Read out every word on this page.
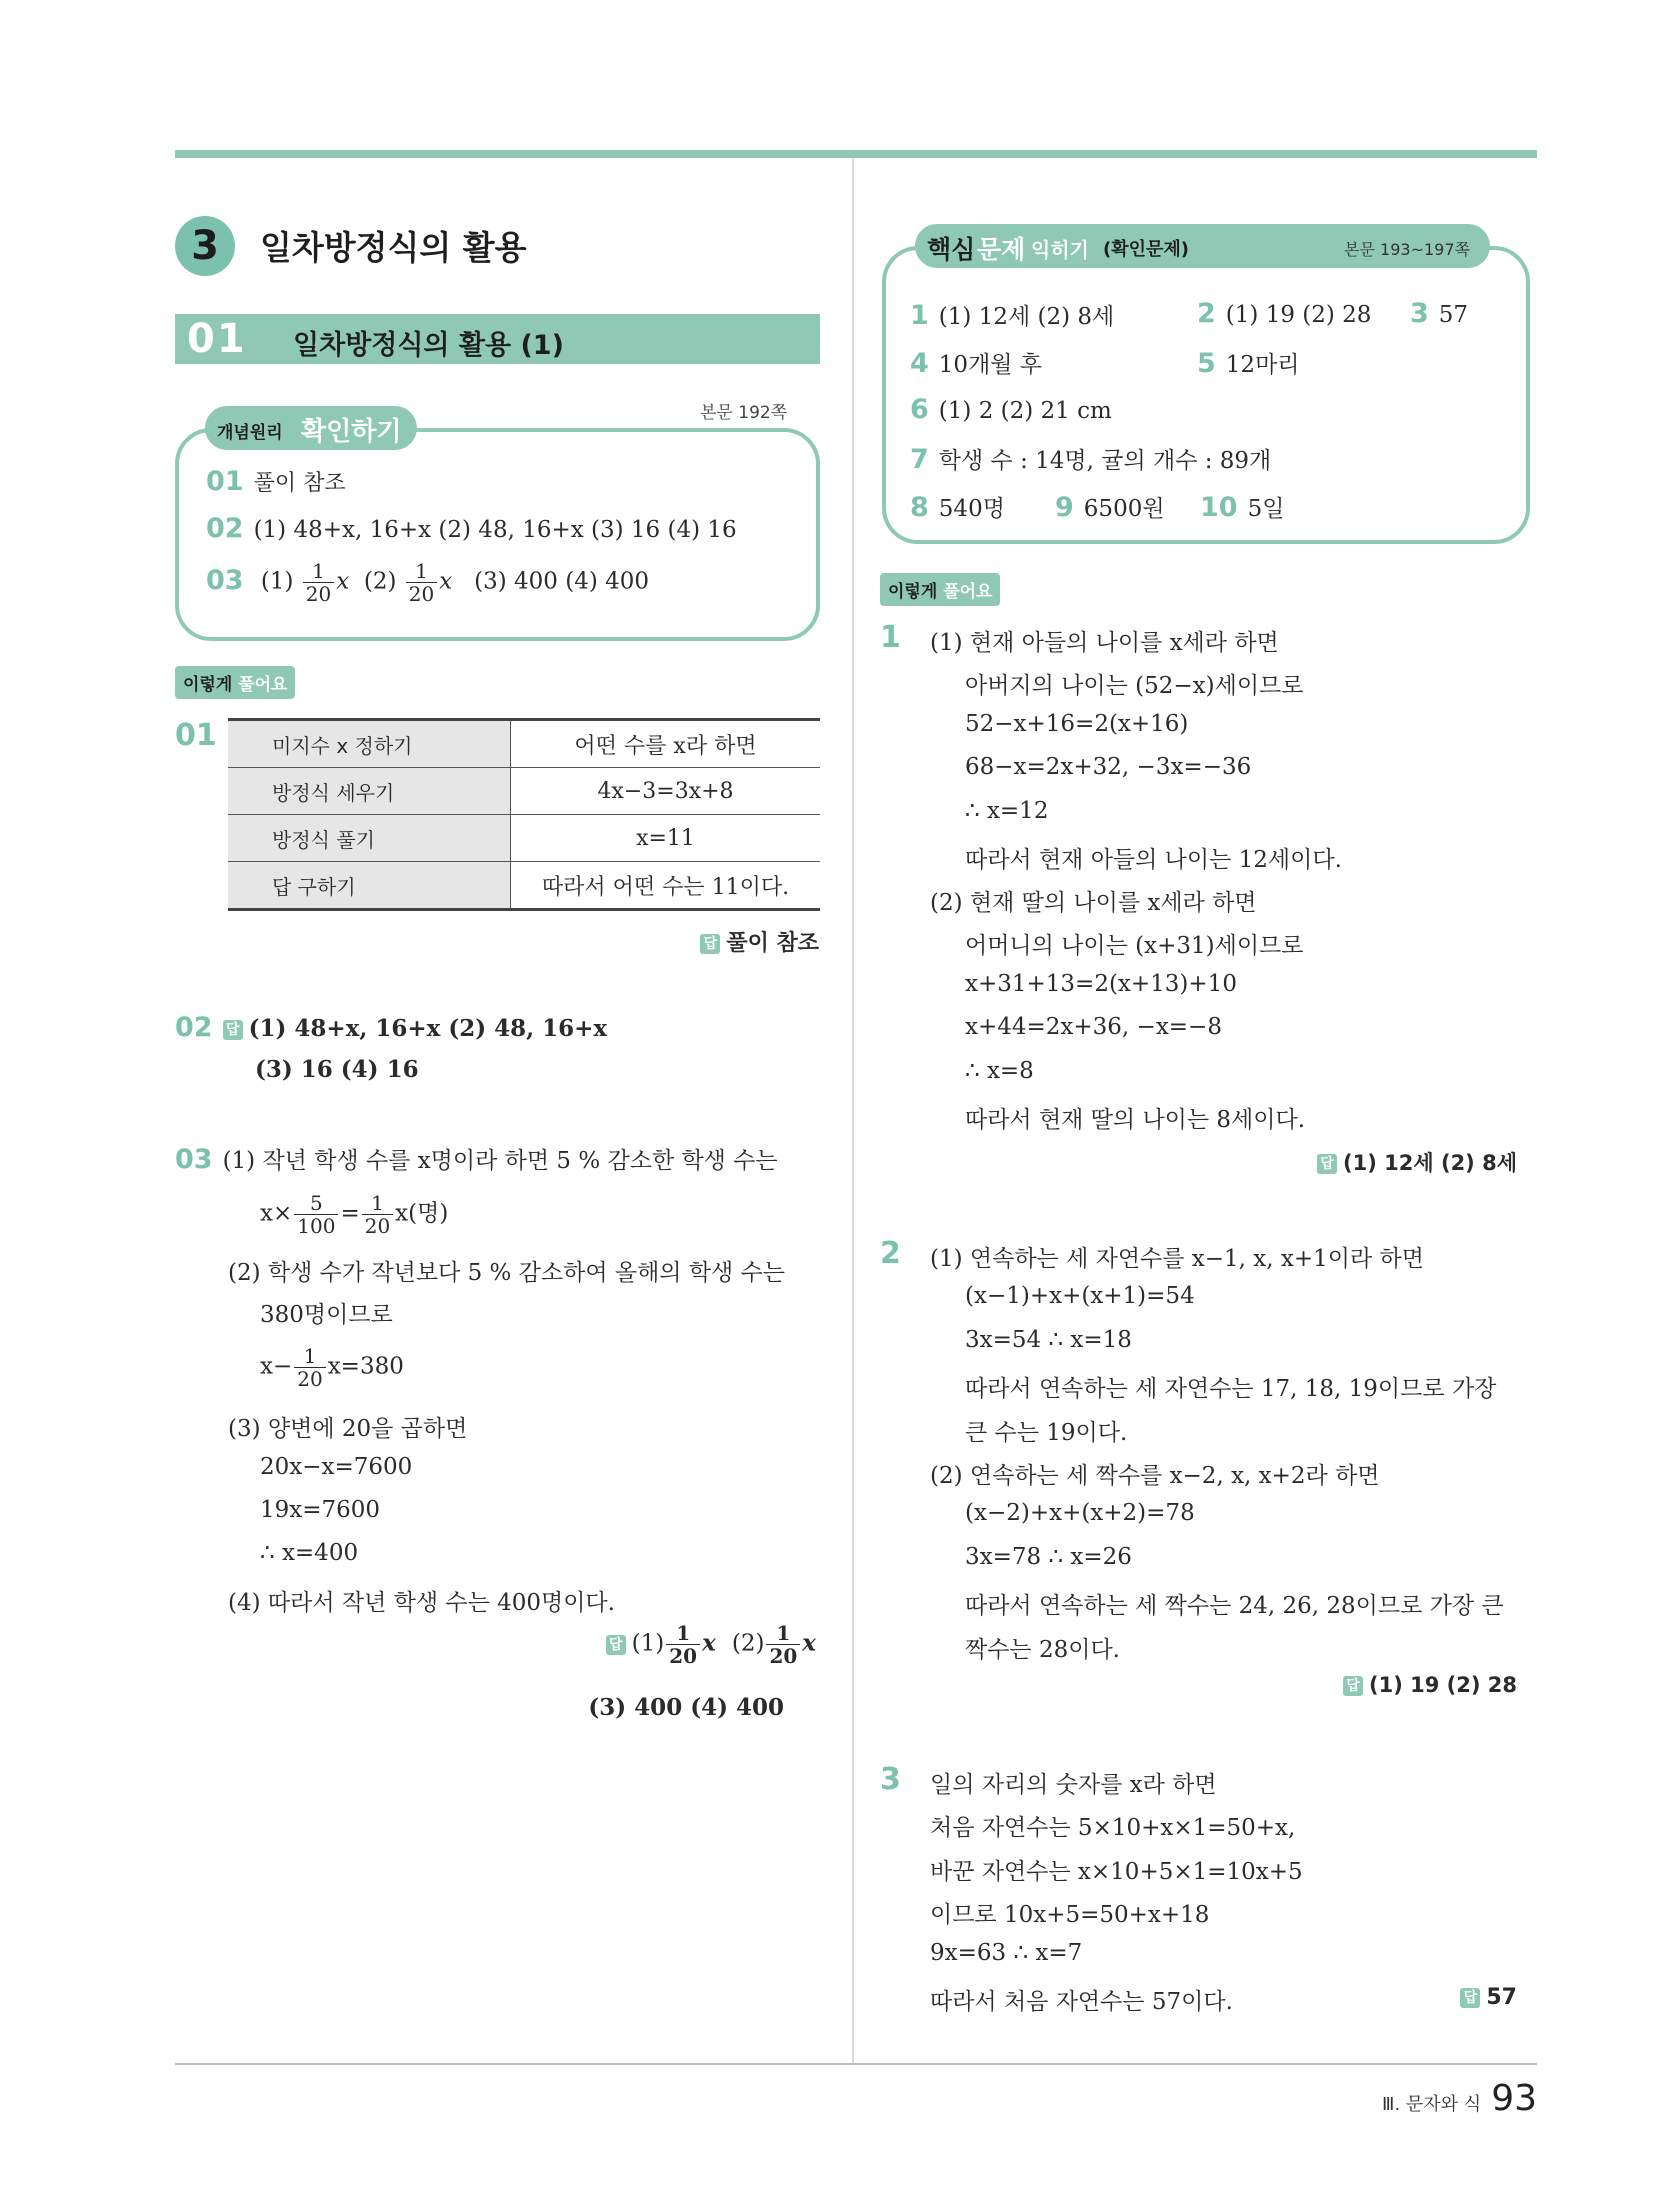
3	일차방정식의 활용
01 일차방정식의 활용 (1)
본문 192쪽
개념원리 확인하기
01 풀이 참조
02 (1) 48+x, 16+x (2) 48, 16+x (3) 16 (4) 16
03 $(1) \frac{1}{20}$ x $(2) \frac{1}{20}$ x (3) 400 (4) 400
이렇게 풀어요
01	미지수 x 정하기	어떤 수를 x라 하면
방정식 세우기	4x−3=3x+8
방정식 풀기	x=11
답 구하기	따라서 어떤 수는 11이다.
답 풀이 참조
02 답 (1) 48+x, 16+x (2) 48, 16+x
(3) 16 (4) 16
03 (1) 작년 학생 수를 x명이라 하면 5 % 감소한 학생 수는
$x\times \frac{5}{100} = \frac{1}{20} x$(명)
(2) 학생 수가 작년보다 5 % 감소하여 올해의 학생 수는
380명이므로
$x- \frac{1}{20} x=380$
(3) 양변에 20을 곱하면
20x−x=7600
19x=7600
∴ x=400
(4) 따라서 작년 학생 수는 400명이다.
답 $(1) \frac{1}{20}$ x $(2) \frac{1}{20}$ x
(3) 400 (4) 400
핵심 문제 익히기 (확인문제)	본문 193~197쪽
1 (1) 12세 (2) 8세	2 (1) 19 (2) 28 3 57
4 10개월 후	5 12마리
6 (1) 2 (2) 21 cm
7 학생 수 : 14명, 귤의 개수 : 89개
8 540명 9 6500원 10 5일
이렇게 풀어요
1 (1) 현재 아들의 나이를 x세라 하면
아버지의 나이는 (52−x)세이므로
52−x+16=2(x+16)
68−x=2x+32, −3x=−36
∴ x=12
따라서 현재 아들의 나이는 12세이다.
(2) 현재 딸의 나이를 x세라 하면
어머니의 나이는 (x+31)세이므로
x+31+13=2(x+13)+10
x+44=2x+36, −x=−8
∴ x=8
따라서 현재 딸의 나이는 8세이다.
답 (1) 12세 (2) 8세
2 (1) 연속하는 세 자연수를 x−1, x, x+1이라 하면
(x−1)+x+(x+1)=54
3x=54 ∴ x=18
따라서 연속하는 세 자연수는 17, 18, 19이므로 가장
큰 수는 19이다.
(2) 연속하는 세 짝수를 x−2, x, x+2라 하면
(x−2)+x+(x+2)=78
3x=78 ∴ x=26
따라서 연속하는 세 짝수는 24, 26, 28이므로 가장 큰
짝수는 28이다.
답 (1) 19 (2) 28
3 일의 자리의 숫자를 x라 하면
처음 자연수는 5×10+x×1=50+x,
바꾼 자연수는 x×10+5×1=10x+5
이므로 10x+5=50+x+18
9x=63 ∴ x=7
따라서 처음 자연수는 57이다.	답 57
Ⅲ. 문자와 식 93
